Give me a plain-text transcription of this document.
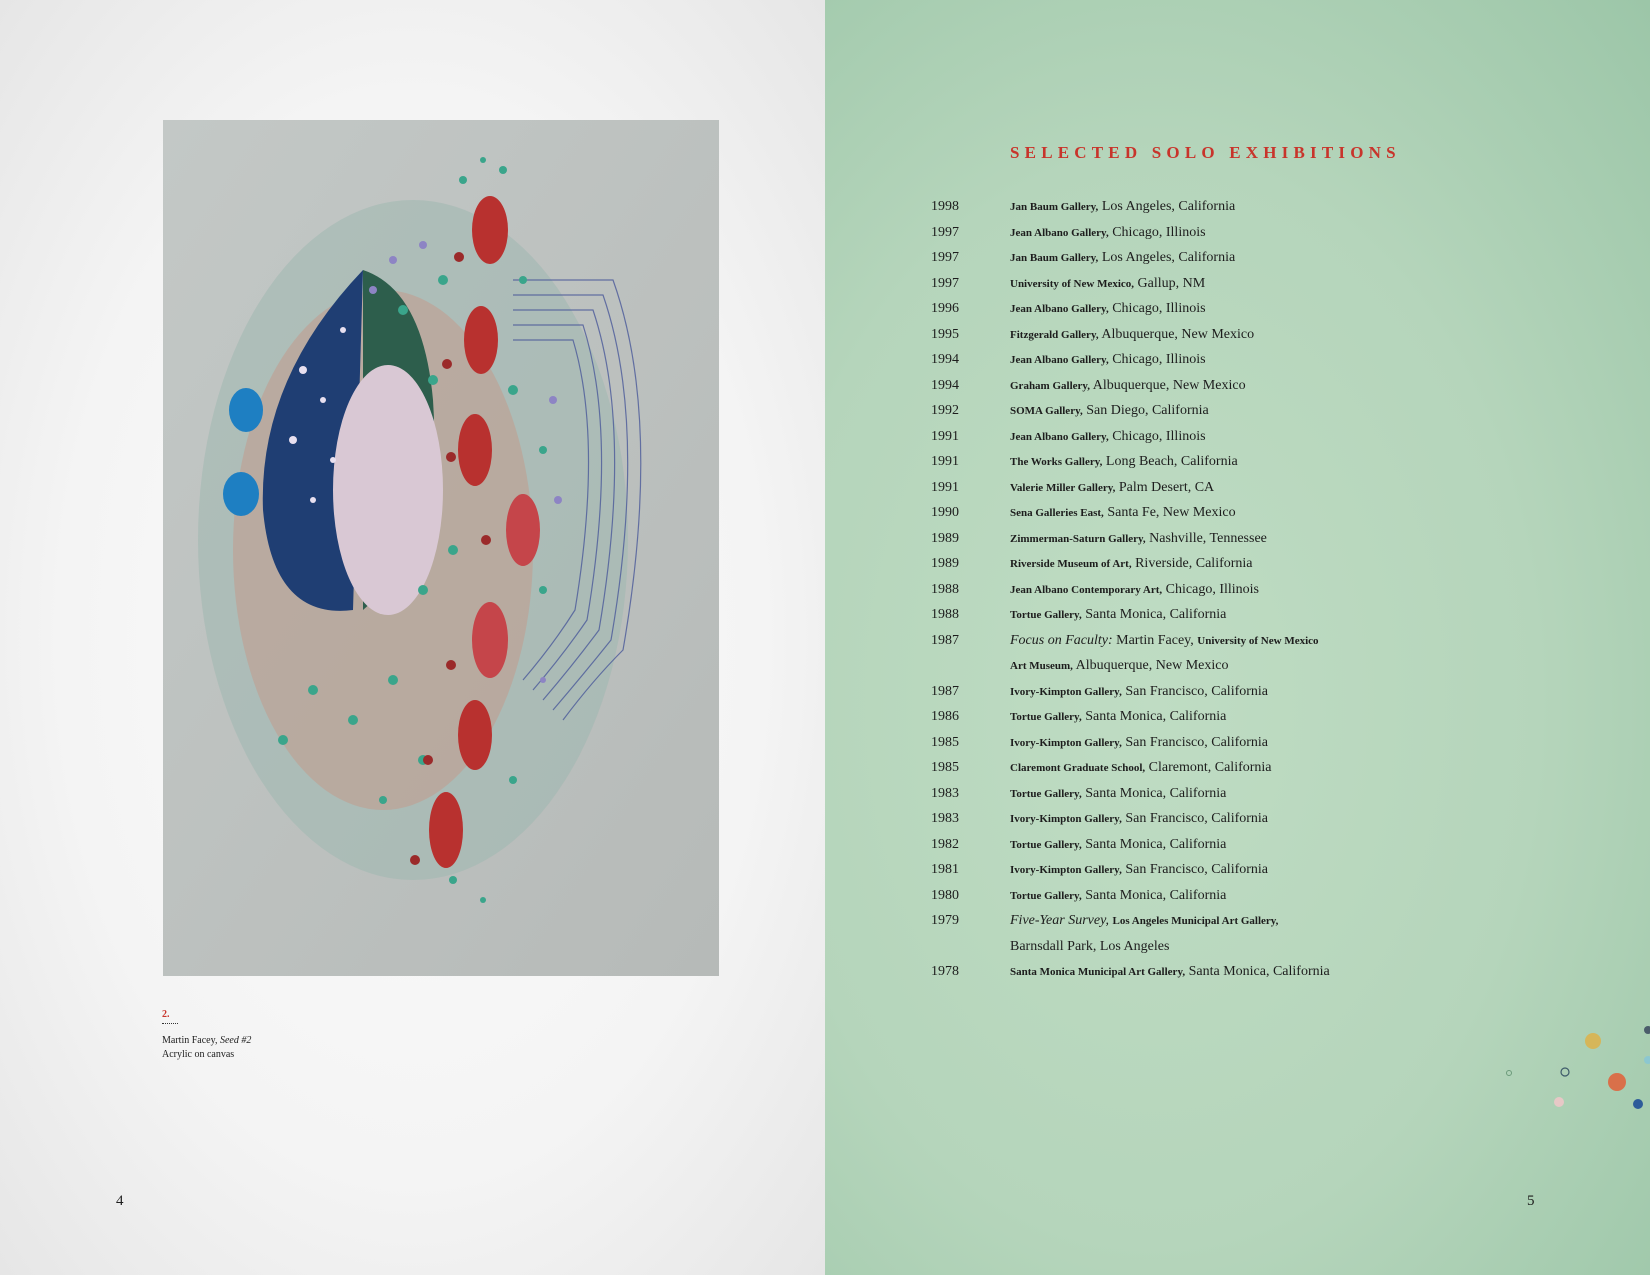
2.
Martin Facey, Seed #2
Acrylic on canvas
4
SELECTED SOLO EXHIBITIONS
1998	Jan Baum Gallery, Los Angeles, California
1997	Jean Albano Gallery, Chicago, Illinois
1997	Jan Baum Gallery, Los Angeles, California
1997	University of New Mexico, Gallup, NM
1996	Jean Albano Gallery, Chicago, Illinois
1995	Fitzgerald Gallery, Albuquerque, New Mexico
1994	Jean Albano Gallery, Chicago, Illinois
1994	Graham Gallery, Albuquerque, New Mexico
1992	SOMA Gallery, San Diego, California
1991	Jean Albano Gallery, Chicago, Illinois
1991	The Works Gallery, Long Beach, California
1991	Valerie Miller Gallery, Palm Desert, CA
1990	Sena Galleries East, Santa Fe, New Mexico
1989	Zimmerman-Saturn Gallery, Nashville, Tennessee
1989	Riverside Museum of Art, Riverside, California
1988	Jean Albano Contemporary Art, Chicago, Illinois
1988	Tortue Gallery, Santa Monica, California
1987	Focus on Faculty: Martin Facey, University of New Mexico
Art Museum, Albuquerque, New Mexico
1987	Ivory-Kimpton Gallery, San Francisco, California
1986	Tortue Gallery, Santa Monica, California
1985	Ivory-Kimpton Gallery, San Francisco, California
1985	Claremont Graduate School, Claremont, California
1983	Tortue Gallery, Santa Monica, California
1983	Ivory-Kimpton Gallery, San Francisco, California
1982	Tortue Gallery, Santa Monica, California
1981	Ivory-Kimpton Gallery, San Francisco, California
1980	Tortue Gallery, Santa Monica, California
1979	Five-Year Survey, Los Angeles Municipal Art Gallery,
Barnsdall Park, Los Angeles
1978	Santa Monica Municipal Art Gallery, Santa Monica, California
5
